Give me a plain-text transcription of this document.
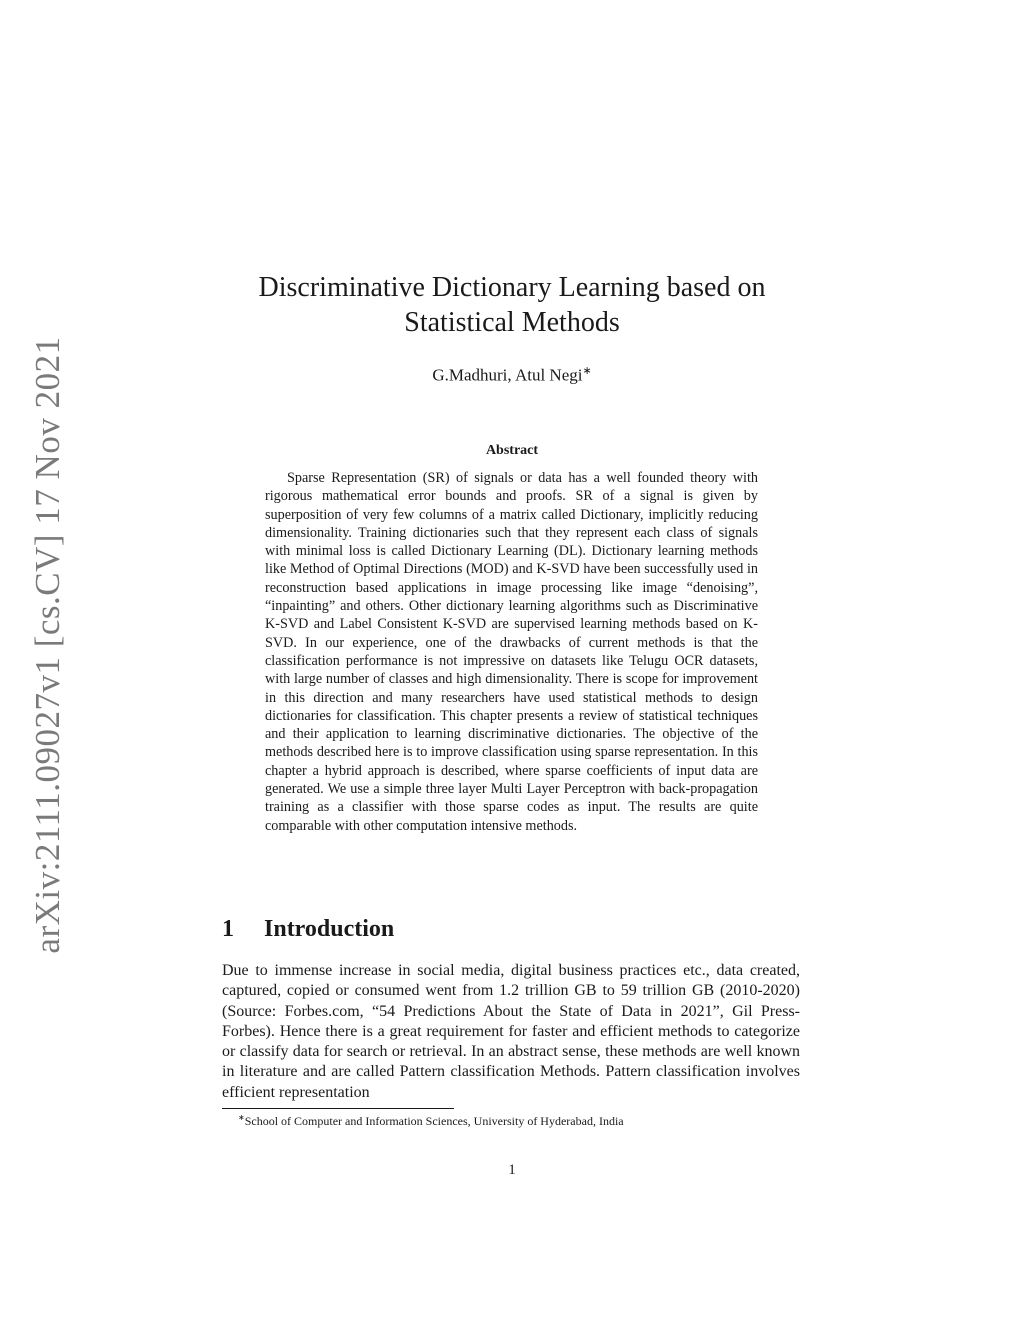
arXiv:2111.09027v1 [cs.CV] 17 Nov 2021
Discriminative Dictionary Learning based on
Statistical Methods
G.Madhuri, Atul Negi∗
Abstract

Sparse Representation (SR) of signals or data has a well founded theory with rigorous mathematical error bounds and proofs. SR of a signal is given by superposition of very few columns of a matrix called Dictionary, implicitly reducing dimensionality. Training dictionaries such that they represent each class of signals with minimal loss is called Dictionary Learning (DL). Dictionary learning methods like Method of Optimal Directions (MOD) and K-SVD have been successfully used in reconstruction based applications in image processing like image “denoising”, “inpainting” and others. Other dictionary learning algorithms such as Discriminative K-SVD and Label Consistent K-SVD are supervised learning methods based on K-SVD. In our experience, one of the drawbacks of current methods is that the classification performance is not impressive on datasets like Telugu OCR datasets, with large number of classes and high dimensionality. There is scope for improvement in this direction and many researchers have used statistical methods to design dictionaries for classification. This chapter presents a review of statistical techniques and their application to learning discriminative dictionaries. The objective of the methods described here is to improve classification using sparse representation. In this chapter a hybrid approach is described, where sparse coefficients of input data are generated. We use a simple three layer Multi Layer Perceptron with back-propagation training as a classifier with those sparse codes as input. The results are quite comparable with other computation intensive methods.

1 Introduction

Due to immense increase in social media, digital business practices etc., data created, captured, copied or consumed went from 1.2 trillion GB to 59 trillion GB (2010-2020) (Source: Forbes.com, “54 Predictions About the State of Data in 2021”, Gil Press- Forbes). Hence there is a great requirement for faster and efficient methods to categorize or classify data for search or retrieval. In an abstract sense, these methods are well known in literature and are called Pattern classification Methods. Pattern classification involves efficient representation

∗School of Computer and Information Sciences, University of Hyderabad, India
1
